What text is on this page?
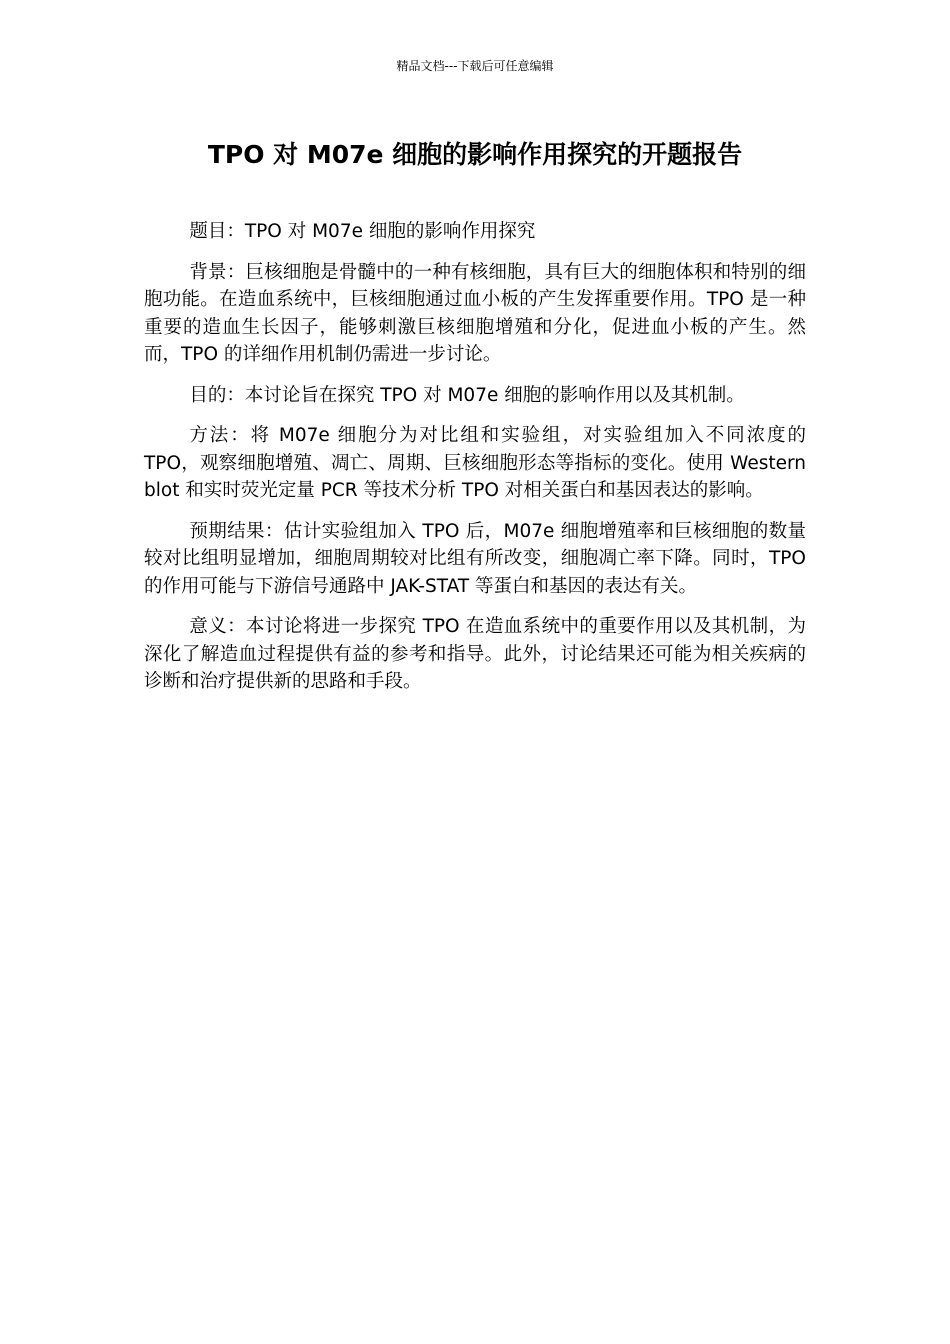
精品文档---下载后可任意编辑
TPO 对 M07e 细胞的影响作用探究的开题报告

题目：TPO 对 M07e 细胞的影响作用探究

背景：巨核细胞是骨髓中的一种有核细胞，具有巨大的细胞体积和特别的细胞功能。在造血系统中，巨核细胞通过血小板的产生发挥重要作用。TPO 是一种重要的造血生长因子，能够刺激巨核细胞增殖和分化，促进血小板的产生。然而，TPO 的详细作用机制仍需进一步讨论。

目的：本讨论旨在探究 TPO 对 M07e 细胞的影响作用以及其机制。

方法：将 M07e 细胞分为对比组和实验组，对实验组加入不同浓度的 TPO，观察细胞增殖、凋亡、周期、巨核细胞形态等指标的变化。使用 Western blot 和实时荧光定量 PCR 等技术分析 TPO 对相关蛋白和基因表达的影响。

预期结果：估计实验组加入 TPO 后，M07e 细胞增殖率和巨核细胞的数量较对比组明显增加，细胞周期较对比组有所改变，细胞凋亡率下降。同时，TPO 的作用可能与下游信号通路中 JAK-STAT 等蛋白和基因的表达有关。

意义：本讨论将进一步探究 TPO 在造血系统中的重要作用以及其机制，为深化了解造血过程提供有益的参考和指导。此外，讨论结果还可能为相关疾病的诊断和治疗提供新的思路和手段。
